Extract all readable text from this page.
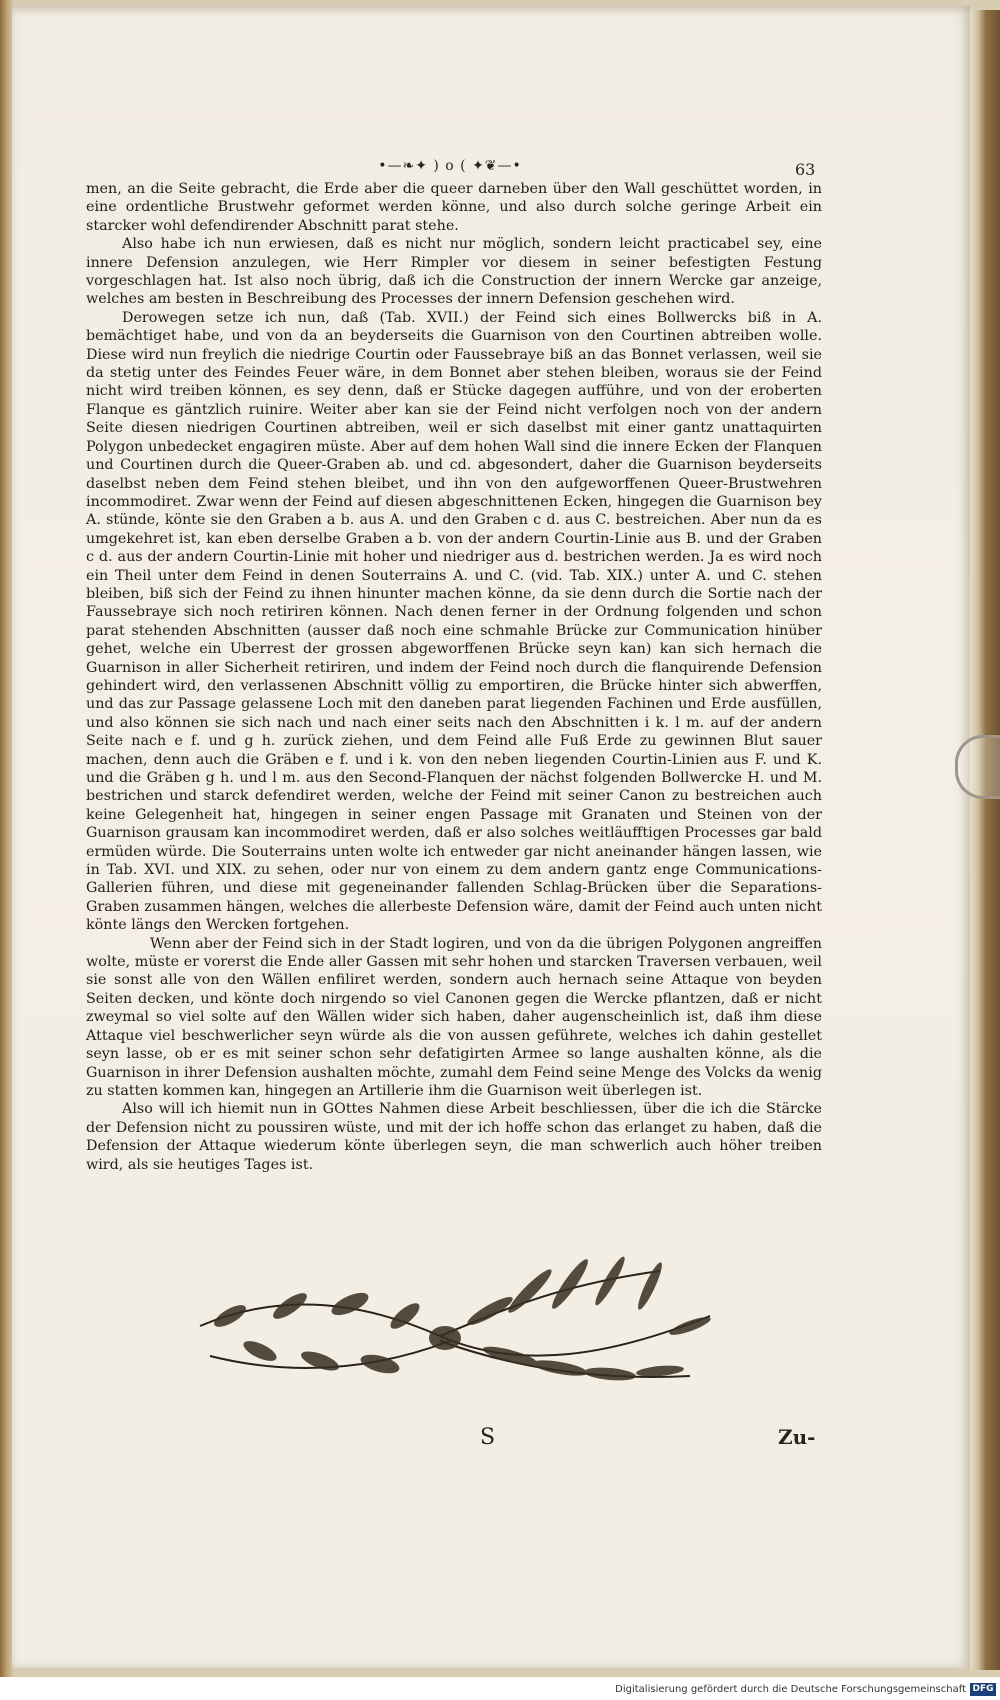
•—❧✦ ) o ( ✦❦—•	63

men, an die Seite gebracht, die Erde aber die queer darneben über den Wall geschüttet worden, in eine ordentliche Brustwehr geformet werden könne, und also durch solche geringe Arbeit ein starcker wohl defendirender Abschnitt parat stehe.

Also habe ich nun erwiesen, daß es nicht nur möglich, sondern leicht practicabel sey, eine innere Defension anzulegen, wie Herr Rimpler vor diesem in seiner befestigten Festung vorgeschlagen hat. Ist also noch übrig, daß ich die Construction der innern Wercke gar anzeige, welches am besten in Beschreibung des Processes der innern Defension geschehen wird.

Derowegen setze ich nun, daß (Tab. XVII.) der Feind sich eines Bollwercks biß in A. bemächtiget habe, und von da an beyderseits die Guarnison von den Courtinen abtreiben wolle. Diese wird nun freylich die niedrige Courtin oder Faussebraye biß an das Bonnet verlassen, weil sie da stetig unter des Feindes Feuer wäre, in dem Bonnet aber stehen bleiben, woraus sie der Feind nicht wird treiben können, es sey denn, daß er Stücke dagegen aufführe, und von der eroberten Flanque es gäntzlich ruinire. Weiter aber kan sie der Feind nicht verfolgen noch von der andern Seite diesen niedrigen Courtinen abtreiben, weil er sich daselbst mit einer gantz unattaquirten Polygon unbedecket engagiren müste. Aber auf dem hohen Wall sind die innere Ecken der Flanquen und Courtinen durch die Queer-Graben ab. und cd. abgesondert, daher die Guarnison beyderseits daselbst neben dem Feind stehen bleibet, und ihn von den aufgeworffenen Queer-Brustwehren incommodiret. Zwar wenn der Feind auf diesen abgeschnittenen Ecken, hingegen die Guarnison bey A. stünde, könte sie den Graben a b. aus A. und den Graben c d. aus C. bestreichen. Aber nun da es umgekehret ist, kan eben derselbe Graben a b. von der andern Courtin-Linie aus B. und der Graben c d. aus der andern Courtin-Linie mit hoher und niedriger aus d. bestrichen werden. Ja es wird noch ein Theil unter dem Feind in denen Souterrains A. und C. (vid. Tab. XIX.) unter A. und C. stehen bleiben, biß sich der Feind zu ihnen hinunter machen könne, da sie denn durch die Sortie nach der Faussebraye sich noch retiriren können. Nach denen ferner in der Ordnung folgenden und schon parat stehenden Abschnitten (ausser daß noch eine schmahle Brücke zur Communication hinüber gehet, welche ein Uberrest der grossen abgeworffenen Brücke seyn kan) kan sich hernach die Guarnison in aller Sicherheit retiriren, und indem der Feind noch durch die flanquirende Defension gehindert wird, den verlassenen Abschnitt völlig zu emportiren, die Brücke hinter sich abwerffen, und das zur Passage gelassene Loch mit den daneben parat liegenden Fachinen und Erde ausfüllen, und also können sie sich nach und nach einer seits nach den Abschnitten i k. l m. auf der andern Seite nach e f. und g h. zurück ziehen, und dem Feind alle Fuß Erde zu gewinnen Blut sauer machen, denn auch die Gräben e f. und i k. von den neben liegenden Courtin-Linien aus F. und K. und die Gräben g h. und l m. aus den Second-Flanquen der nächst folgenden Bollwercke H. und M. bestrichen und starck defendiret werden, welche der Feind mit seiner Canon zu bestreichen auch keine Gelegenheit hat, hingegen in seiner engen Passage mit Granaten und Steinen von der Guarnison grausam kan incommodiret werden, daß er also solches weitläufftigen Processes gar bald ermüden würde. Die Souterrains unten wolte ich entweder gar nicht aneinander hängen lassen, wie in Tab. XVI. und XIX. zu sehen, oder nur von einem zu dem andern gantz enge Communications-Gallerien führen, und diese mit gegeneinander fallenden Schlag-Brücken über die Separations-Graben zusammen hängen, welches die allerbeste Defension wäre, damit der Feind auch unten nicht könte längs den Wercken fortgehen.

Wenn aber der Feind sich in der Stadt logiren, und von da die übrigen Polygonen angreiffen wolte, müste er vorerst die Ende aller Gassen mit sehr hohen und starcken Traversen verbauen, weil sie sonst alle von den Wällen enfiliret werden, sondern auch hernach seine Attaque von beyden Seiten decken, und könte doch nirgendo so viel Canonen gegen die Wercke pflantzen, daß er nicht zweymal so viel solte auf den Wällen wider sich haben, daher augenscheinlich ist, daß ihm diese Attaque viel beschwerlicher seyn würde als die von aussen geführete, welches ich dahin gestellet seyn lasse, ob er es mit seiner schon sehr defatigirten Armee so lange aushalten könne, als die Guarnison in ihrer Defension aushalten möchte, zumahl dem Feind seine Menge des Volcks da wenig zu statten kommen kan, hingegen an Artillerie ihm die Guarnison weit überlegen ist.

Also will ich hiemit nun in GOttes Nahmen diese Arbeit beschliessen, über die ich die Stärcke der Defension nicht zu poussiren wüste, und mit der ich hoffe schon das erlanget zu haben, daß die Defension der Attaque wiederum könte überlegen seyn, die man schwerlich auch höher treiben wird, als sie heutiges Tages ist.

S	Zu-
Digitalisierung gefördert durch die Deutsche Forschungsgemeinschaft DFG
